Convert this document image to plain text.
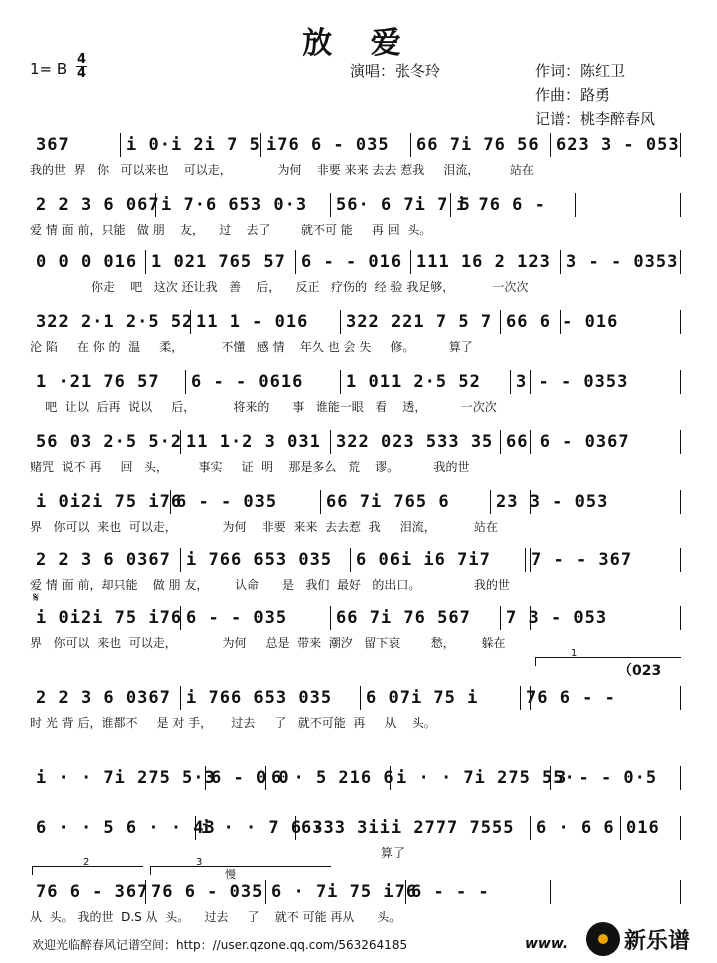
放 爱
1= B
4
4	演唱：张冬玲	作词：陈红卫
作曲：路勇
记谱：桃李醉春风
367	i 0·i 2i 7 5 i76 6 - 035 66 7i 76 56 623 3 - 053
我的世  界   你   可以来也    可以走，            为何    非要 来来 去去 惹我     泪流，        站在
2 2 3 6 067 i 7·6 653 0·3 56· 6 7i 7 5
i 76 6 -
爱 情 面 前，只能   做 朋    友，    过    去了        就不可 能     再 回  头。
0 0 0 016 1 021 765 57 6 - - 016 111 16 2 123 3 - - 0353
你走    吧   这次 还让我   善    后，    反正   疗伤的  经 验 我足够，          一次次
322 2·1 2·5 52 11 1 - 016 322 221 7 5 7 66 6 - 016
沦 陷     在 你 的  温     柔，          不懂   感 情    年久 也 会 失     修。         算了
1 ·21 76 57 6 - - 0616	1 011 2·5 52 3 - - 0353
吧  让以  后再  说以     后，          将来的      事   谁能一眼   看    透，         一次次
56 03 2·5 5·2 11 1·2 3 031 322 023 533 35 66 6 - 0367
赌咒  说不 再     回   头，        事实     证  明    那是多么   荒    谬。         我的世
i 0i2i 75 i76
6 - - 035	66 7i 765 6	23 3 - 053
界   你可以  来也  可以走，            为何    非要  来来  去去惹  我     泪流，          站在
2 2 3 6 0367 i 766 653 035 6 06i i6 7i7 7 - - 367
爱 情 面 前，却只能    做 朋 友，       认命      是   我们  最好   的出口。              我的世
i 0i2i 75 i76 6 - - 035	66 7i 76 567 7 3 - 053
界   你可以  来也  可以走，            为何     总是  带来  潮汐   留下哀        愁，       躲在
2 2 3 6 0367 i 766 653 035 6 07i 75 i	76 6 - -
时 光 背 后，谁都不     是 对 手，     过去     了   就不可能  再     从    头。
i · · 7i 275 5·3
6 - 0 0
6 · 5 216 6 i · · 7i 275 55·
3 - - 0·5
6 · · 5 6 · · 43
i · · 7 6 -
6333 3iii 2777 7555 6 · 6 6 016
算了
76 6 - 367 76 6 - 035 6 · 7i 75 i76
6 - - -
从  头。 我的世  D.S 从  头。    过去     了    就不 可能 再从      头。
2	3
1
（023
慢
𝄋
欢迎光临醉春风记谱空间：http：//user.qzone.qq.com/563264185	www.	新乐谱
